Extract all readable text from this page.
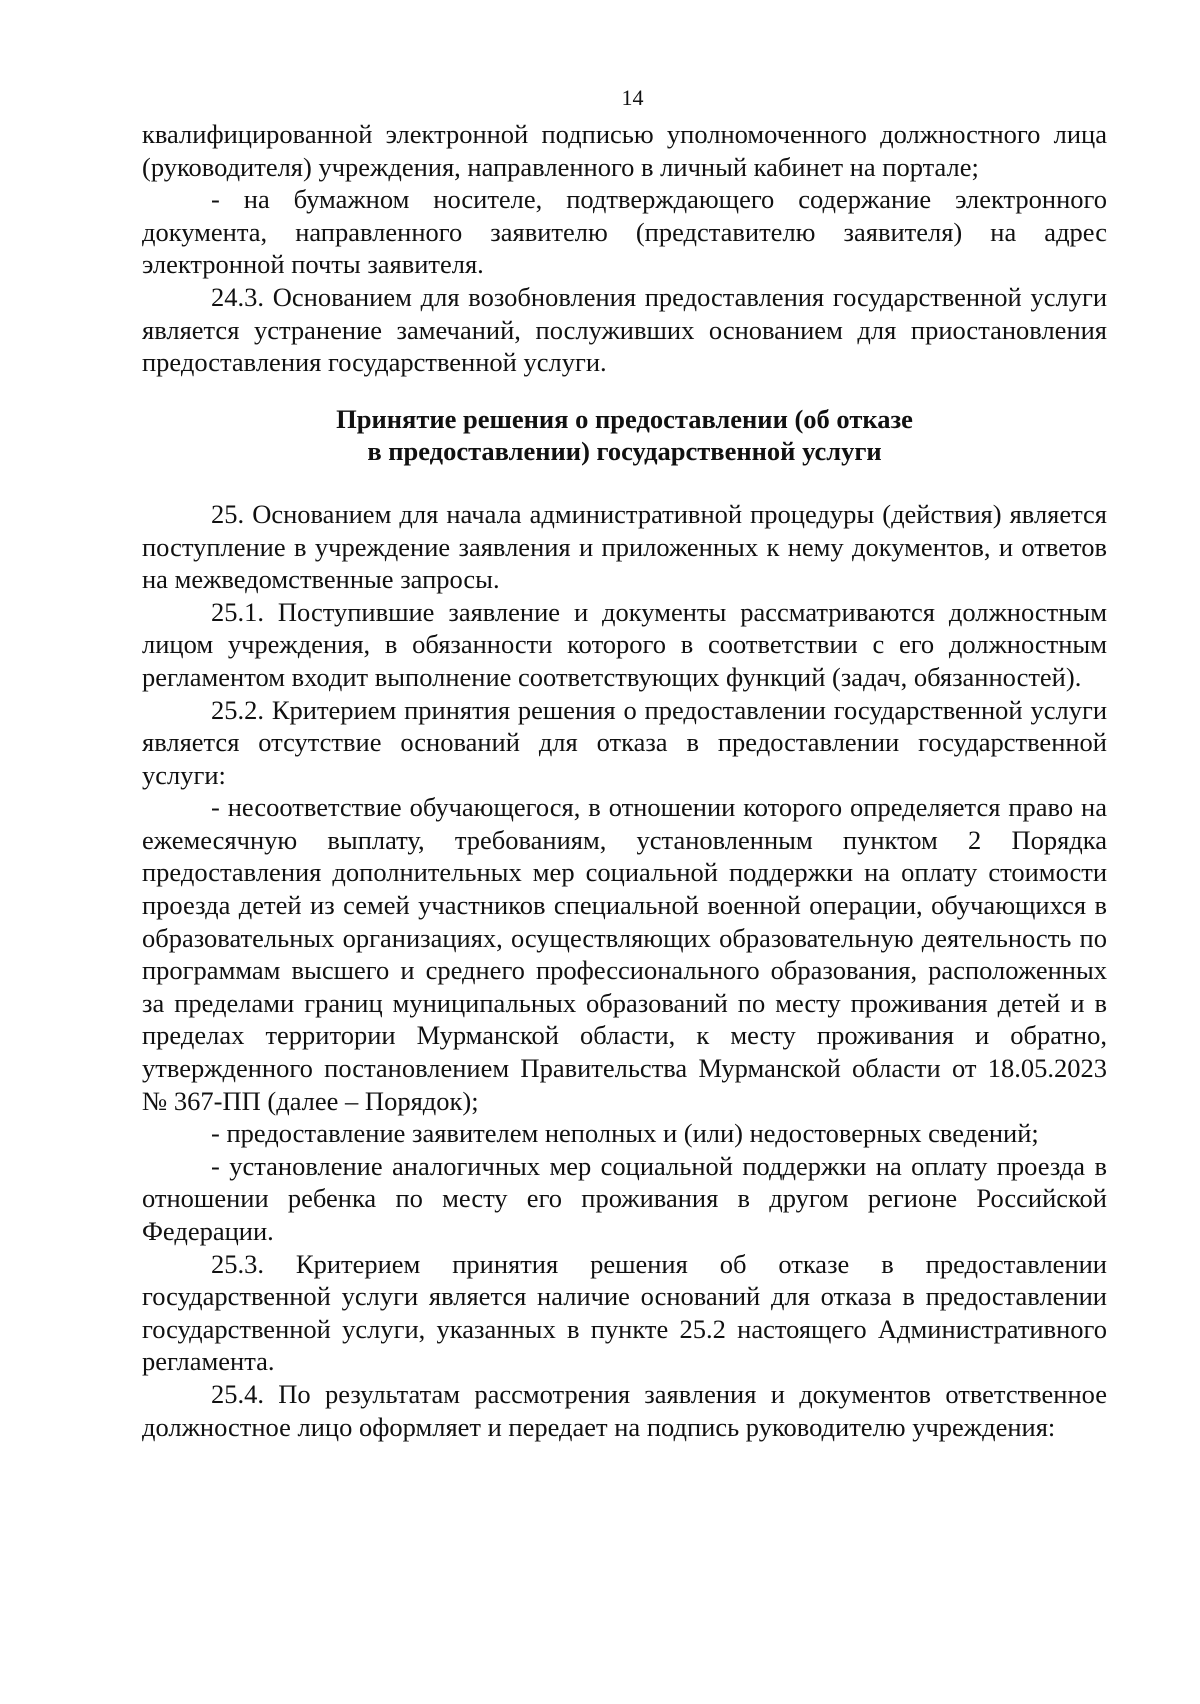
14

квалифицированной электронной подписью уполномоченного должностного лица (руководителя) учреждения, направленного в личный кабинет на портале;

- на бумажном носителе, подтверждающего содержание электронного документа, направленного заявителю (представителю заявителя) на адрес электронной почты заявителя.

24.3. Основанием для возобновления предоставления государственной услуги является устранение замечаний, послуживших основанием для приостановления предоставления государственной услуги.

Принятие решения о предоставлении (об отказе
в предоставлении) государственной услуги

25. Основанием для начала административной процедуры (действия) является поступление в учреждение заявления и приложенных к нему документов, и ответов на межведомственные запросы.

25.1. Поступившие заявление и документы рассматриваются должностным лицом учреждения, в обязанности которого в соответствии с его должностным регламентом входит выполнение соответствующих функций (задач, обязанностей).

25.2. Критерием принятия решения о предоставлении государственной услуги является отсутствие оснований для отказа в предоставлении государственной услуги:

- несоответствие обучающегося, в отношении которого определяется право на ежемесячную выплату, требованиям, установленным пунктом 2 Порядка предоставления дополнительных мер социальной поддержки на оплату стоимости проезда детей из семей участников специальной военной операции, обучающихся в образовательных организациях, осуществляющих образовательную деятельность по программам высшего и среднего профессионального образования, расположенных за пределами границ муниципальных образований по месту проживания детей и в пределах территории Мурманской области, к месту проживания и обратно, утвержденного постановлением Правительства Мурманской области от 18.05.2023 № 367-ПП (далее – Порядок);

- предоставление заявителем неполных и (или) недостоверных сведений;

- установление аналогичных мер социальной поддержки на оплату проезда в отношении ребенка по месту его проживания в другом регионе Российской Федерации.

25.3. Критерием принятия решения об отказе в предоставлении государственной услуги является наличие оснований для отказа в предоставлении государственной услуги, указанных в пункте 25.2 настоящего Административного регламента.

25.4. По результатам рассмотрения заявления и документов ответственное должностное лицо оформляет и передает на подпись руководителю учреждения:
